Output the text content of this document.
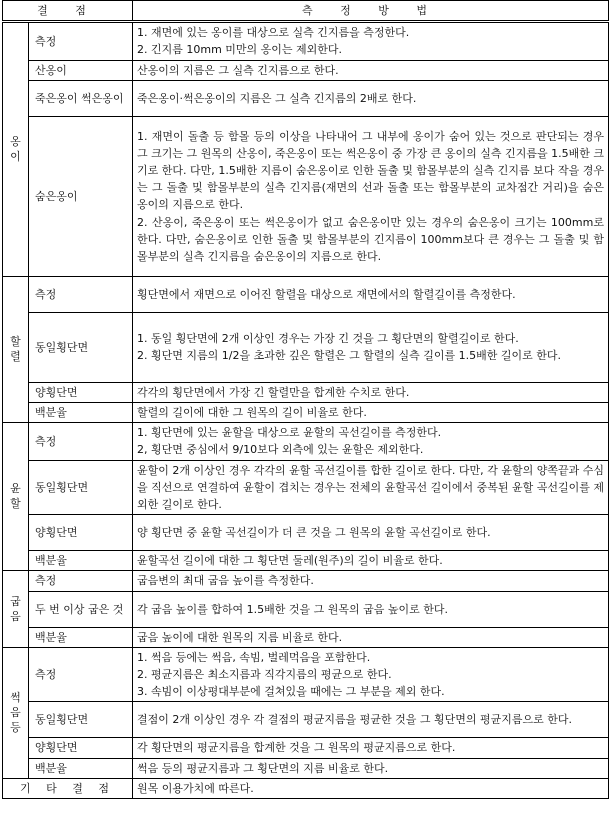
결 점		측 정 방 법
옹이	측정	1. 재면에 있는 옹이를 대상으로 실측 긴지름을 측정한다.
2. 긴지름 10mm 미만의 옹이는 제외한다.

	산옹이	산옹이의 지름은 그 실측 긴지름으로 한다.

	죽은옹이 썩은옹이	죽은옹이·썩은옹이의 지름은 그 실측 긴지름의 2배로 한다.

	숨은옹이	1. 재면이 돌출 등 함몰 등의 이상을 나타내어 그 내부에 옹이가 숨어 있는 것으로 판단되는 경우 그 크기는 그 원목의 산옹이, 죽은옹이 또는 썩은옹이 중 가장 큰 옹이의 실측 긴지름을 1.5배한 크기로 한다. 다만, 1.5배한 지름이 숨은옹이로 인한 돌출 및 함몰부분의 실측 긴지름 보다 작을 경우는 그 돌출 및 함몰부분의 실측 긴지름(재면의 선과 돌출 또는 함몰부분의 교차점간 거리)을 숨은 옹이의 지름으로 한다.
2. 산옹이, 죽은옹이 또는 썩은옹이가 없고 숨은옹이만 있는 경우의 숨은옹이 크기는 100mm로 한다. 다만, 숨은옹이로 인한 돌출 및 함몰부분의 긴지름이 100mm보다 큰 경우는 그 돌출 및 함몰부분의 실측 긴지름을 숨은옹이의 지름으로 한다.

할렬	측정	횡단면에서 재면으로 이어진 할렬을 대상으로 재면에서의 할렬길이를 측정한다.

	동일횡단면	1. 동일 횡단면에 2개 이상인 경우는 가장 긴 것을 그 횡단면의 할렬길이로 한다.
2. 횡단면 지름의 1/2을 초과한 깊은 할렬은 그 할렬의 실측 길이를 1.5배한 길이로 한다.

	양횡단면	각각의 횡단면에서 가장 긴 할렬만을 합계한 수치로 한다.

	백분율	할렬의 길이에 대한 그 원목의 길이 비율로 한다.

윤할	측정	1. 횡단면에 있는 윤할을 대상으로 윤할의 곡선길이를 측정한다.
2, 횡단면 중심에서 9/10보다 외측에 있는 윤할은 제외한다.

	동일횡단면	윤할이 2개 이상인 경우 각각의 윤할 곡선길이를 합한 길이로 한다. 다만, 각 윤할의 양쪽끝과 수심을 직선으로 연결하여 윤할이 겹치는 경우는 전체의 윤할곡선 길이에서 중복된 윤할 곡선길이를 제외한 길이로 한다.

	양횡단면	양 횡단면 중 윤할 곡선길이가 더 큰 것을 그 원목의 윤할 곡선길이로 한다.

	백분율	윤할곡선 길이에 대한 그 횡단면 둘레(원주)의 길이 비율로 한다.

굽음	측정	굽음변의 최대 굽음 높이를 측정한다.

	두 번 이상 굽은 것	각 굽음 높이를 합하여 1.5배한 것을 그 원목의 굽음 높이로 한다.

	백분율	굽음 높이에 대한 원목의 지름 비율로 한다.

썩음 등	측정	1. 썩음 등에는 썩음, 속빔, 벌레먹음을 포함한다.
2. 평균지름은 최소지름과 직각지름의 평균으로 한다.
3. 속빔이 이상평대부분에 걸쳐있을 때에는 그 부분을 제외 한다.

	동일횡단면	결점이 2개 이상인 경우 각 결점의 평균지름을 평균한 것을 그 횡단면의 평균지름으로 한다.

	양횡단면	각 횡단면의 평균지름을 합계한 것을 그 원목의 평균지름으로 한다.

	백분율	썩음 등의 평균지름과 그 횡단면의 지름 비율로 한다.

기 타 결 점		원목 이용가치에 따른다.
